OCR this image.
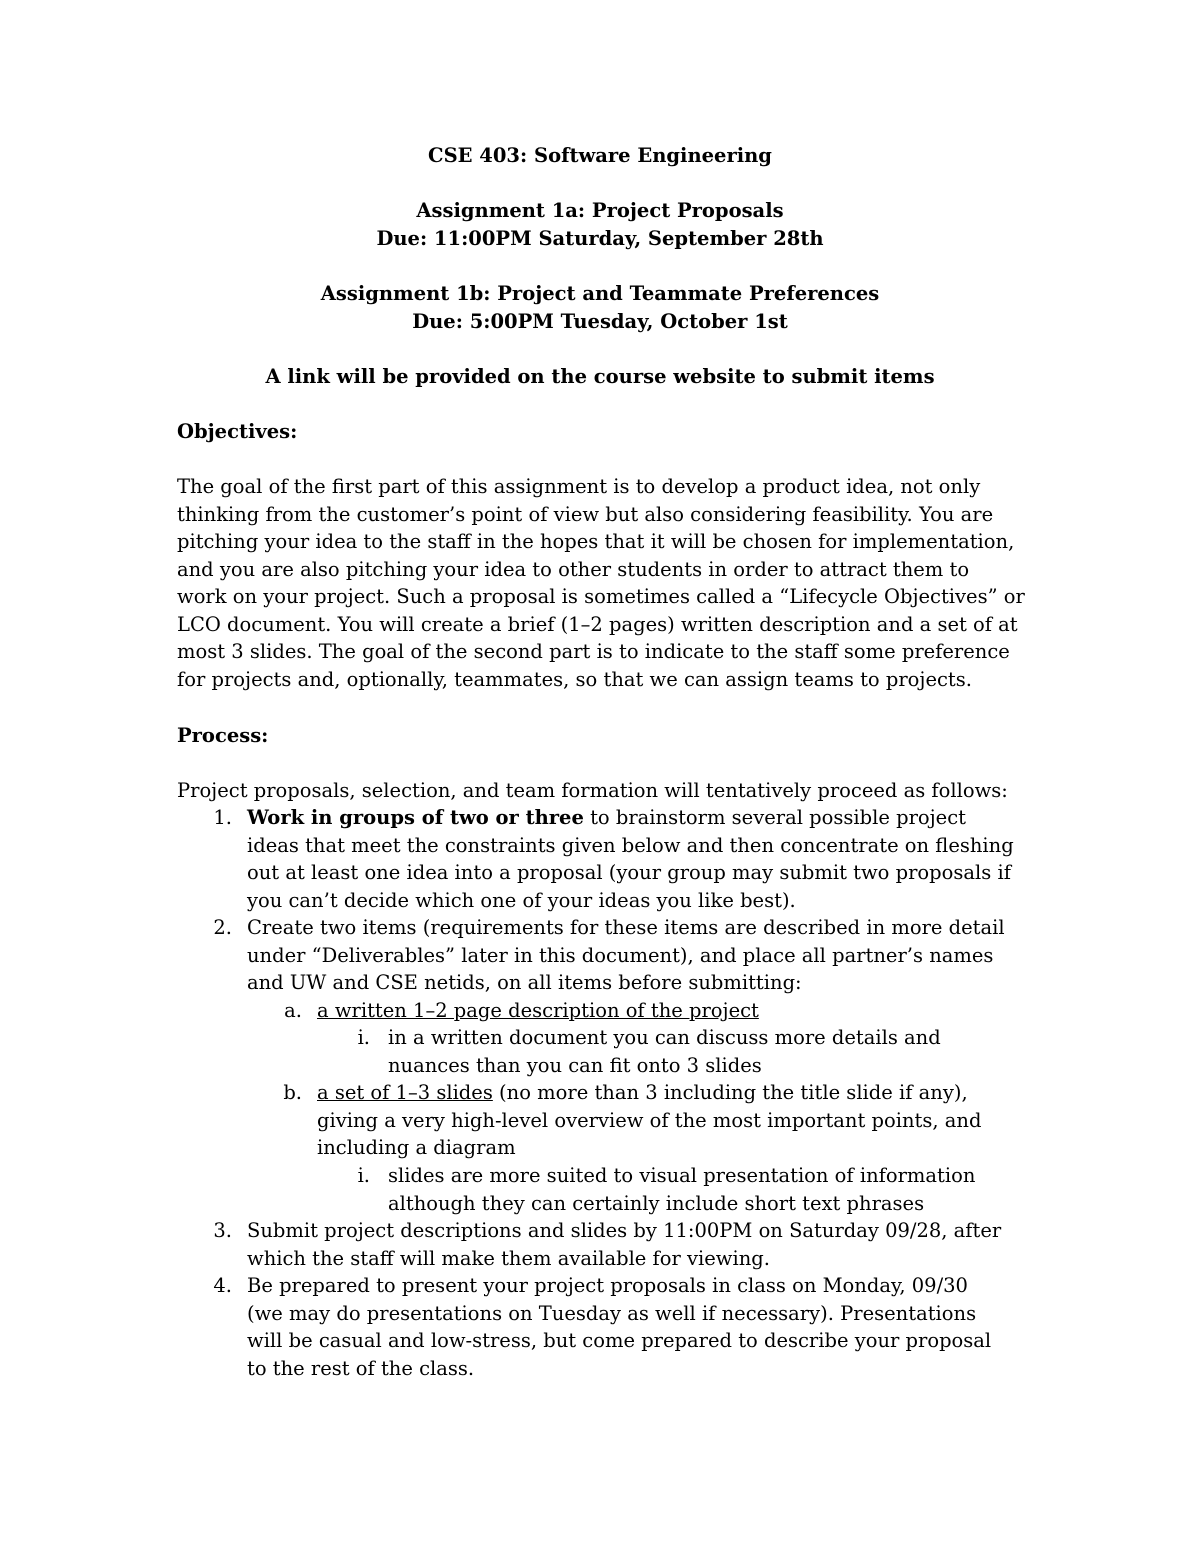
CSE 403: Software Engineering
Assignment 1a: Project Proposals
Due: 11:00PM Saturday, September 28th
Assignment 1b: Project and Teammate Preferences
Due: 5:00PM Tuesday, October 1st
A link will be provided on the course website to submit items
Objectives:
The goal of the first part of this assignment is to develop a product idea, not only
thinking from the customer’s point of view but also considering feasibility. You are
pitching your idea to the staff in the hopes that it will be chosen for implementation,
and you are also pitching your idea to other students in order to attract them to
work on your project. Such a proposal is sometimes called a “Lifecycle Objectives” or
LCO document. You will create a brief (1–2 pages) written description and a set of at
most 3 slides. The goal of the second part is to indicate to the staff some preference
for projects and, optionally, teammates, so that we can assign teams to projects.
Process:
Project proposals, selection, and team formation will tentatively proceed as follows:
1. Work in groups of two or three to brainstorm several possible project
ideas that meet the constraints given below and then concentrate on fleshing
out at least one idea into a proposal (your group may submit two proposals if
you can’t decide which one of your ideas you like best).
2. Create two items (requirements for these items are described in more detail
under “Deliverables” later in this document), and place all partner’s names
and UW and CSE netids, on all items before submitting:
a. a written 1–2 page description of the project
i. in a written document you can discuss more details and
nuances than you can fit onto 3 slides
b. a set of 1–3 slides (no more than 3 including the title slide if any),
giving a very high-level overview of the most important points, and
including a diagram
i. slides are more suited to visual presentation of information
although they can certainly include short text phrases
3. Submit project descriptions and slides by 11:00PM on Saturday 09/28, after
which the staff will make them available for viewing.
4. Be prepared to present your project proposals in class on Monday, 09/30
(we may do presentations on Tuesday as well if necessary). Presentations
will be casual and low-stress, but come prepared to describe your proposal
to the rest of the class.
